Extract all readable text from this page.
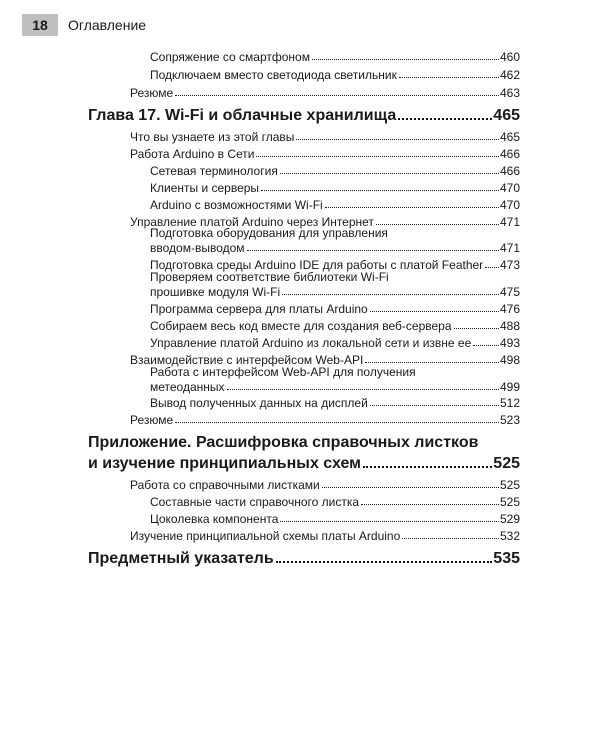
18	Оглавление
Сопряжение со смартфоном	460
Подключаем вместо светодиода светильник	462
Резюме	463
Глава 17. Wi-Fi и облачные хранилища	465
Что вы узнаете из этой главы	465
Работа Arduino в Сети	466
Сетевая терминология	466
Клиенты и серверы	470
Arduino с возможностями Wi-Fi	470
Управление платой Arduino через Интернет	471
Подготовка оборудования для управления
вводом-выводом	471
Подготовка среды Arduino IDE для работы с платой Feather 473
Проверяем соответствие библиотеки Wi-Fi
прошивке модуля Wi-Fi	475
Программа сервера для платы Arduino	476
Собираем весь код вместе для создания веб-сервера	488
Управление платой Arduino из локальной сети и извне ее 493
Взаимодействие с интерфейсом Web-API	498
Работа с интерфейсом Web-API для получения
метеоданных	499
Вывод полученных данных на дисплей	512
Резюме	523
Приложение. Расшифровка справочных листков
и изучение принципиальных схем	525
Работа со справочными листками	525
Составные части справочного листка	525
Цоколевка компонента	529
Изучение принципиальной схемы платы Arduino	532
Предметный указатель	535
